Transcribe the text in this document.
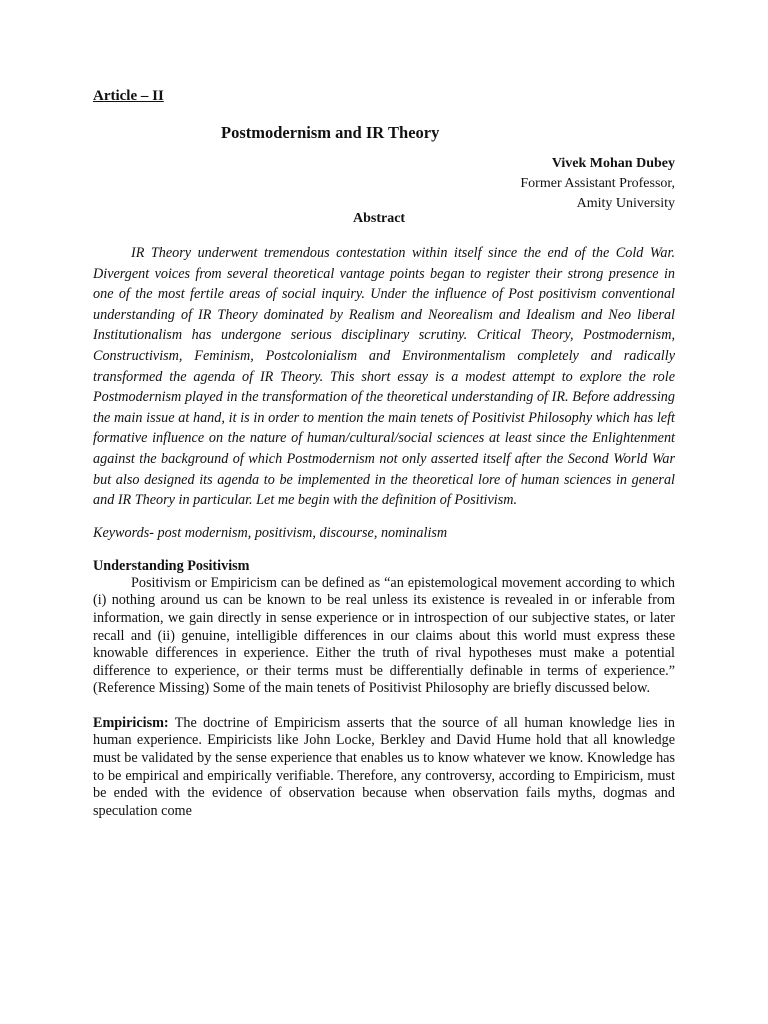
Article – II

Postmodernism and IR Theory

Vivek Mohan Dubey
Former Assistant Professor,
Amity University

Abstract

IR Theory underwent tremendous contestation within itself since the end of the Cold War. Divergent voices from several theoretical vantage points began to register their strong presence in one of the most fertile areas of social inquiry. Under the influence of Post positivism conventional understanding of IR Theory dominated by Realism and Neorealism and Idealism and Neo liberal Institutionalism has undergone serious disciplinary scrutiny. Critical Theory, Postmodernism, Constructivism, Feminism, Postcolonialism and Environmentalism completely and radically transformed the agenda of IR Theory. This short essay is a modest attempt to explore the role Postmodernism played in the transformation of the theoretical understanding of IR. Before addressing the main issue at hand, it is in order to mention the main tenets of Positivist Philosophy which has left formative influence on the nature of human/cultural/social sciences at least since the Enlightenment against the background of which Postmodernism not only asserted itself after the Second World War but also designed its agenda to be implemented in the theoretical lore of human sciences in general and IR Theory in particular. Let me begin with the definition of Positivism.

Keywords- post modernism, positivism, discourse, nominalism

Understanding Positivism

Positivism or Empiricism can be defined as “an epistemological movement according to which (i) nothing around us can be known to be real unless its existence is revealed in or inferable from information, we gain directly in sense experience or in introspection of our subjective states, or later recall and (ii) genuine, intelligible differences in our claims about this world must express these knowable differences in experience. Either the truth of rival hypotheses must make a potential difference to experience, or their terms must be differentially definable in terms of experience.” (Reference Missing) Some of the main tenets of Positivist Philosophy are briefly discussed below.

Empiricism: The doctrine of Empiricism asserts that the source of all human knowledge lies in human experience. Empiricists like John Locke, Berkley and David Hume hold that all knowledge must be validated by the sense experience that enables us to know whatever we know. Knowledge has to be empirical and empirically verifiable. Therefore, any controversy, according to Empiricism, must be ended with the evidence of observation because when observation fails myths, dogmas and speculation come
